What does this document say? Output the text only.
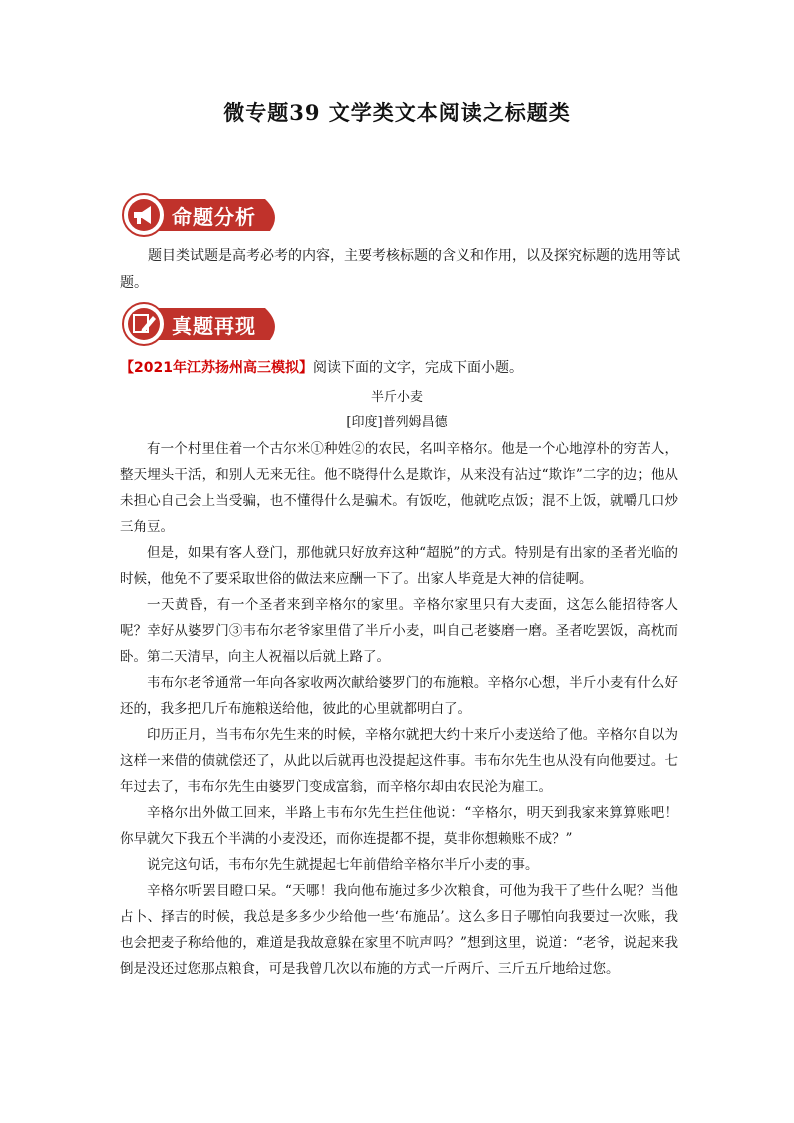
微专题39 文学类文本阅读之标题类
命题分析
题目类试题是高考必考的内容，主要考核标题的含义和作用，以及探究标题的选用等试题。
真题再现
【2021年江苏扬州高三模拟】阅读下面的文字，完成下面小题。
半斤小麦
[印度]普列姆昌德

有一个村里住着一个古尔米①种姓②的农民，名叫辛格尔。他是一个心地淳朴的穷苦人，整天埋头干活，和别人无来无往。他不晓得什么是欺诈，从来没有沾过“欺诈”二字的边；他从未担心自己会上当受骗，也不懂得什么是骗术。有饭吃，他就吃点饭；混不上饭，就嚼几口炒三角豆。

但是，如果有客人登门，那他就只好放弃这种“超脱”的方式。特别是有出家的圣者光临的时候，他免不了要采取世俗的做法来应酬一下了。出家人毕竟是大神的信徒啊。

一天黄昏，有一个圣者来到辛格尔的家里。辛格尔家里只有大麦面，这怎么能招待客人呢？幸好从婆罗门③韦布尔老爷家里借了半斤小麦，叫自己老婆磨一磨。圣者吃罢饭，高枕而卧。第二天清早，向主人祝福以后就上路了。

韦布尔老爷通常一年向各家收两次献给婆罗门的布施粮。辛格尔心想，半斤小麦有什么好还的，我多把几斤布施粮送给他，彼此的心里就都明白了。

印历正月，当韦布尔先生来的时候，辛格尔就把大约十来斤小麦送给了他。辛格尔自以为这样一来借的债就偿还了，从此以后就再也没提起这件事。韦布尔先生也从没有向他要过。七年过去了，韦布尔先生由婆罗门变成富翁，而辛格尔却由农民沦为雇工。

辛格尔出外做工回来，半路上韦布尔先生拦住他说：“辛格尔，明天到我家来算算账吧！你早就欠下我五个半满的小麦没还，而你连提都不提，莫非你想赖账不成？”

说完这句话，韦布尔先生就提起七年前借给辛格尔半斤小麦的事。

辛格尔听罢目瞪口呆。“天哪！我向他布施过多少次粮食，可他为我干了些什么呢？当他占卜、择吉的时候，我总是多多少少给他一些‘布施品’。这么多日子哪怕向我要过一次账，我也会把麦子称给他的，难道是我故意躲在家里不吭声吗？”想到这里，说道：“老爷，说起来我倒是没还过您那点粮食，可是我曾几次以布施的方式一斤两斤、三斤五斤地给过您。
